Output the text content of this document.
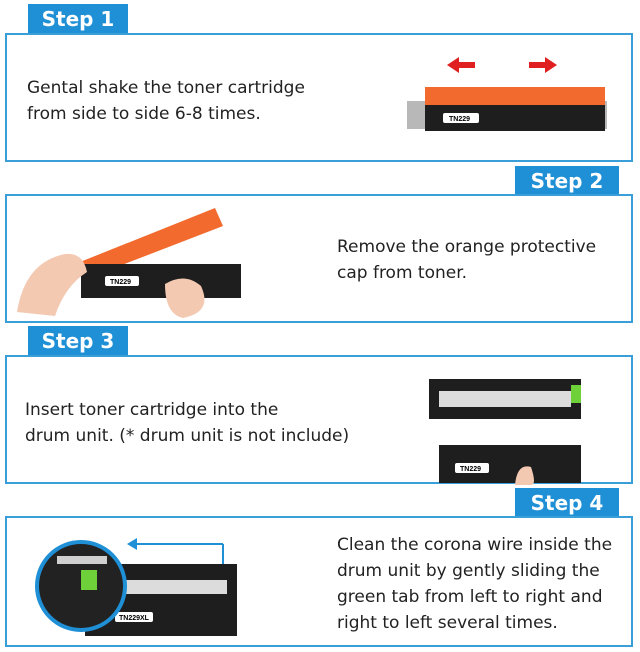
Step 1
Gental shake the toner cartridge
from side to side 6-8 times.	TN229
Step 2
Remove the orange protective
cap from toner.
TN229
Step 3
Insert toner cartridge into the
drum unit. (* drum unit is not include)
TN229
Step 4
Clean the corona wire inside the
drum unit by gently sliding the
green tab from left to right and
right to left several times.
TN229XL
